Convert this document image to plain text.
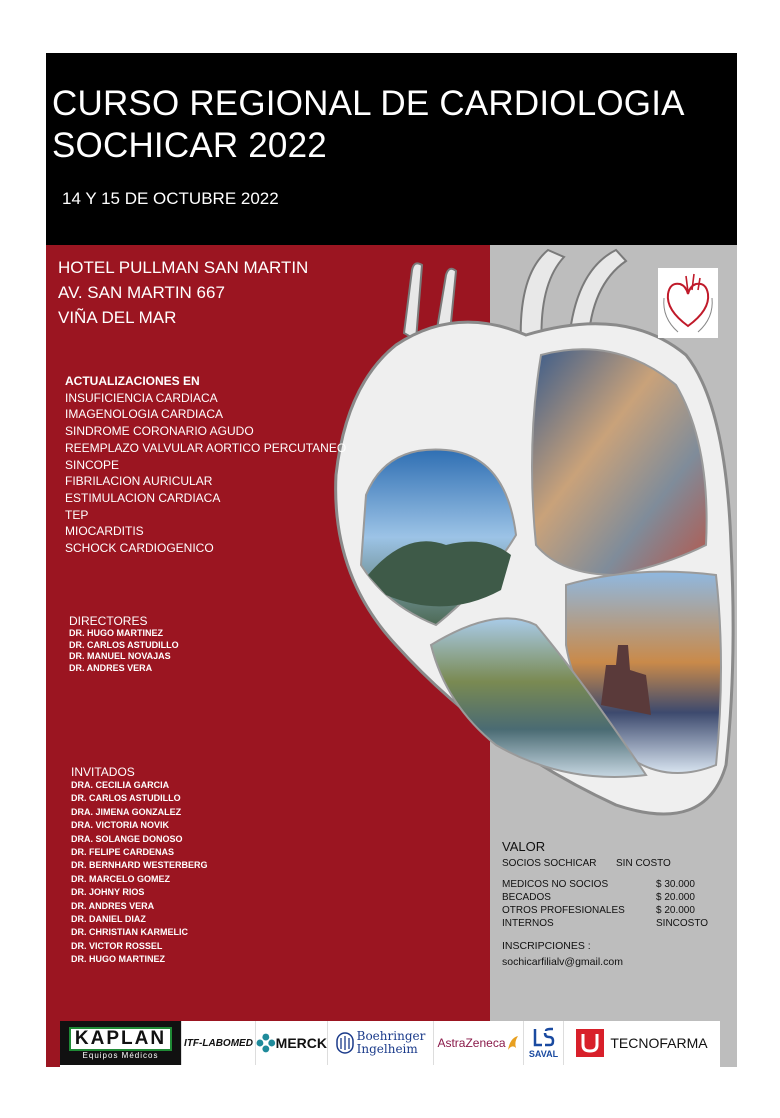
CURSO REGIONAL DE CARDIOLOGIA
SOCHICAR 2022
14 Y 15 DE OCTUBRE 2022
HOTEL PULLMAN SAN MARTIN
AV. SAN MARTIN 667
VIÑA DEL MAR
ACTUALIZACIONES EN
INSUFICIENCIA CARDIACA
IMAGENOLOGIA CARDIACA
SINDROME CORONARIO AGUDO
REEMPLAZO VALVULAR AORTICO PERCUTANEO
SINCOPE
FIBRILACION AURICULAR
ESTIMULACION CARDIACA
TEP
MIOCARDITIS
SCHOCK CARDIOGENICO
DIRECTORES
DR. HUGO MARTINEZ
DR. CARLOS ASTUDILLO
DR. MANUEL NOVAJAS
DR. ANDRES VERA
INVITADOS
DRA. CECILIA GARCIA
DR. CARLOS ASTUDILLO
DRA. JIMENA GONZALEZ
DRA. VICTORIA NOVIK
DRA. SOLANGE DONOSO
DR. FELIPE CARDENAS
DR. BERNHARD WESTERBERG
DR. MARCELO GOMEZ
DR. JOHNY RIOS
DR. ANDRES VERA
DR. DANIEL DIAZ
DR. CHRISTIAN KARMELIC
DR. VICTOR ROSSEL
DR. HUGO MARTINEZ
VALOR
SOCIOS SOCHICAR	SIN COSTO
MEDICOS NO SOCIOS	$ 30.000
BECADOS	$ 20.000
OTROS PROFESIONALES	$ 20.000
INTERNOS	SINCOSTO
INSCRIPCIONES :
sochicarfilialv@gmail.com
KAPLAN
Equipos Médicos
ITF-LABOMED MERCK Boehringer
Ingelheim	AstraZeneca
SAVAL
TECNOFARMA
